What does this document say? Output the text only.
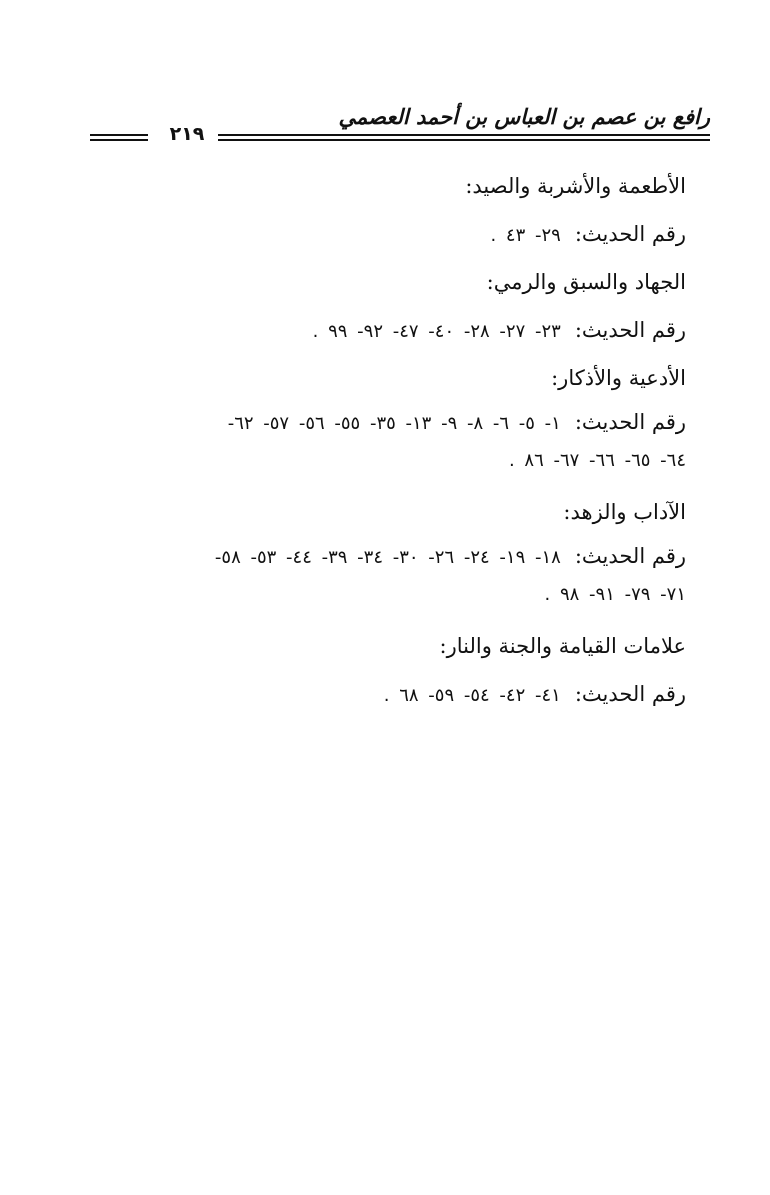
رافع بن عصم بن العباس بن أحمد العصمي
٢١٩
الأطعمة والأشربة والصيد:
رقم الحديث:٢٩- ٤٣ .
الجهاد والسبق والرمي:
رقم الحديث:٢٣- ٢٧- ٢٨- ٤٠- ٤٧- ٩٢- ٩٩ .
الأدعية والأذكار:
رقم الحديث:١- ٥- ٦- ٨- ٩- ١٣- ٣٥- ٥٥- ٥٦- ٥٧- ٦٢-
٦٤- ٦٥- ٦٦- ٦٧- ٨٦ .
الآداب والزهد:
رقم الحديث:١٨- ١٩- ٢٤- ٢٦- ٣٠- ٣٤- ٣٩- ٤٤- ٥٣- ٥٨-
٧١- ٧٩- ٩١- ٩٨ .
علامات القيامة والجنة والنار:
رقم الحديث:٤١- ٤٢- ٥٤- ٥٩- ٦٨ .
